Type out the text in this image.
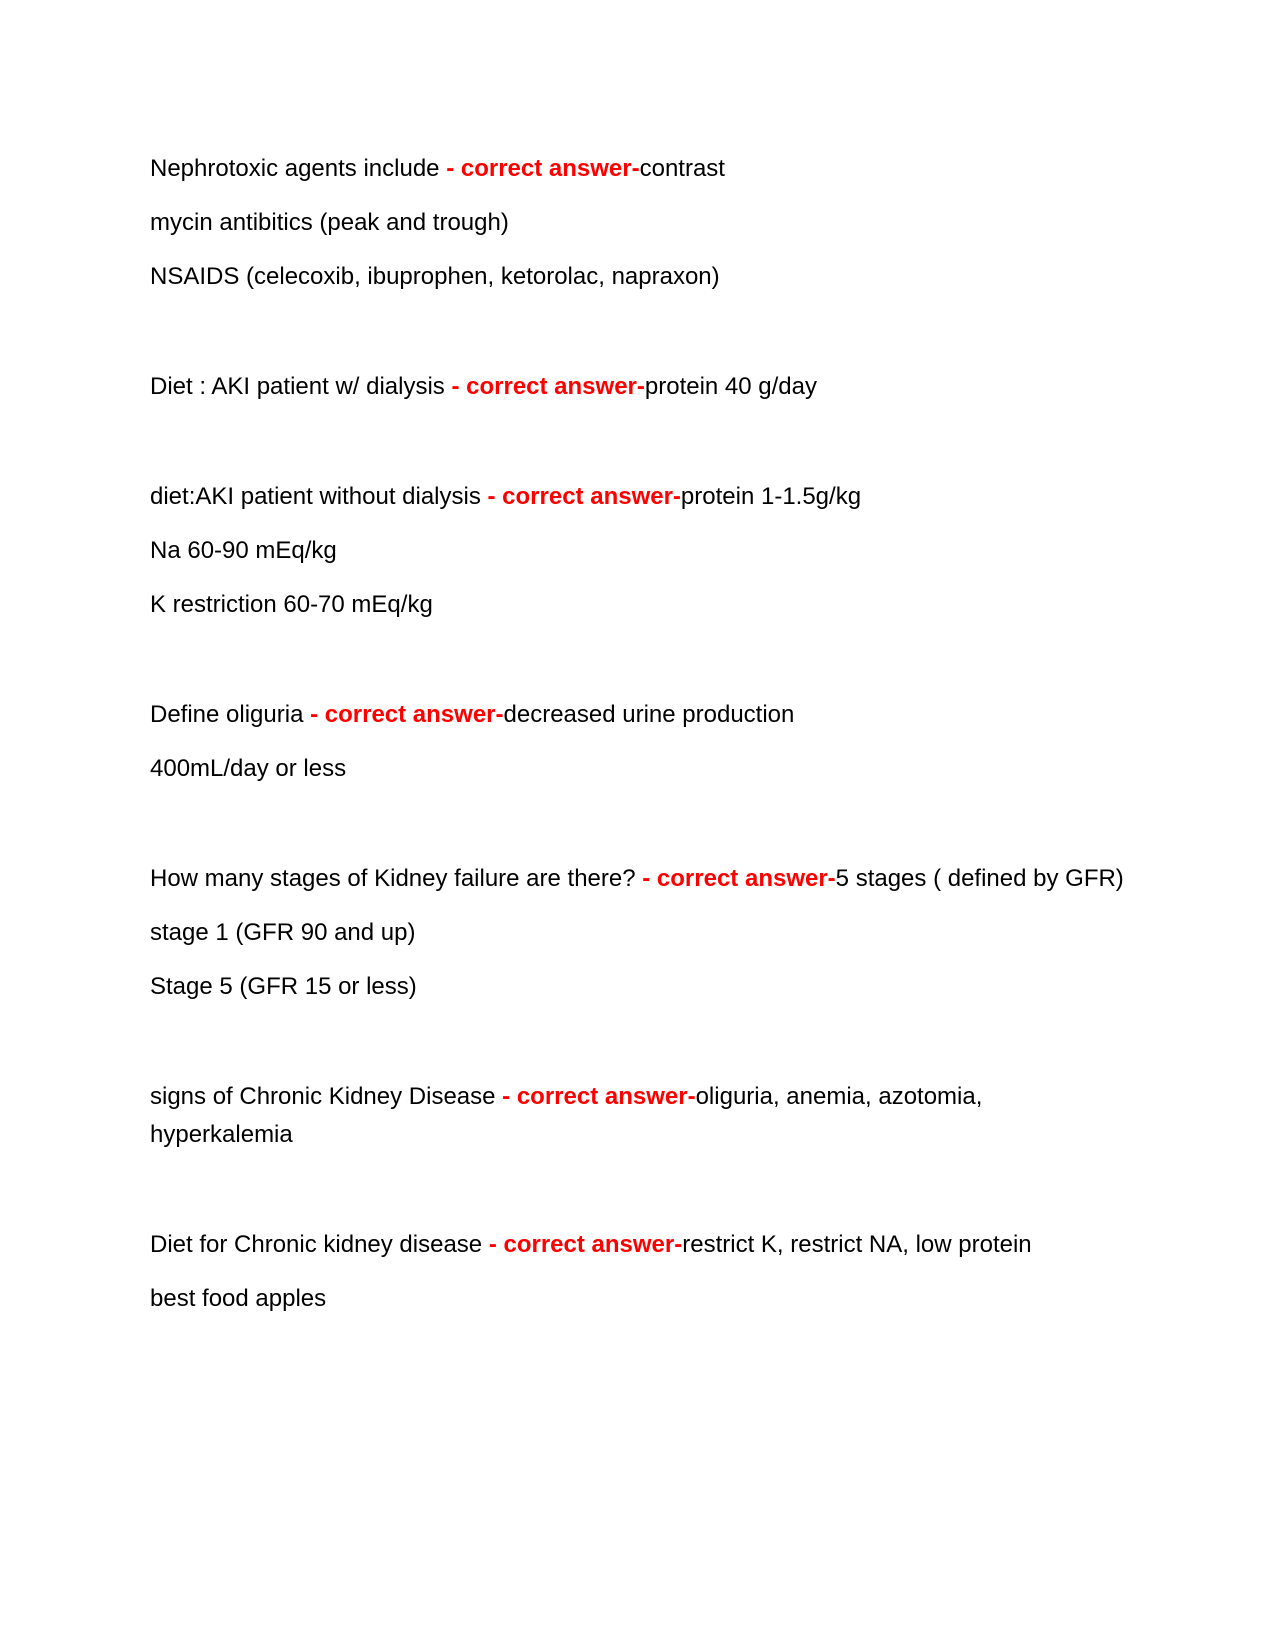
Nephrotoxic agents include - correct answer-contrast

mycin antibitics (peak and trough)

NSAIDS (celecoxib, ibuprophen, ketorolac, napraxon)

Diet : AKI patient w/ dialysis - correct answer-protein 40 g/day

diet:AKI patient without dialysis - correct answer-protein 1-1.5g/kg

Na 60-90 mEq/kg

K restriction 60-70 mEq/kg

Define oliguria - correct answer-decreased urine production

400mL/day or less

How many stages of Kidney failure are there? - correct answer-5 stages ( defined by GFR)

stage 1 (GFR 90 and up)

Stage 5 (GFR 15 or less)

signs of Chronic Kidney Disease - correct answer-oliguria, anemia, azotomia, hyperkalemia

Diet for Chronic kidney disease - correct answer-restrict K, restrict NA, low protein

best food apples
